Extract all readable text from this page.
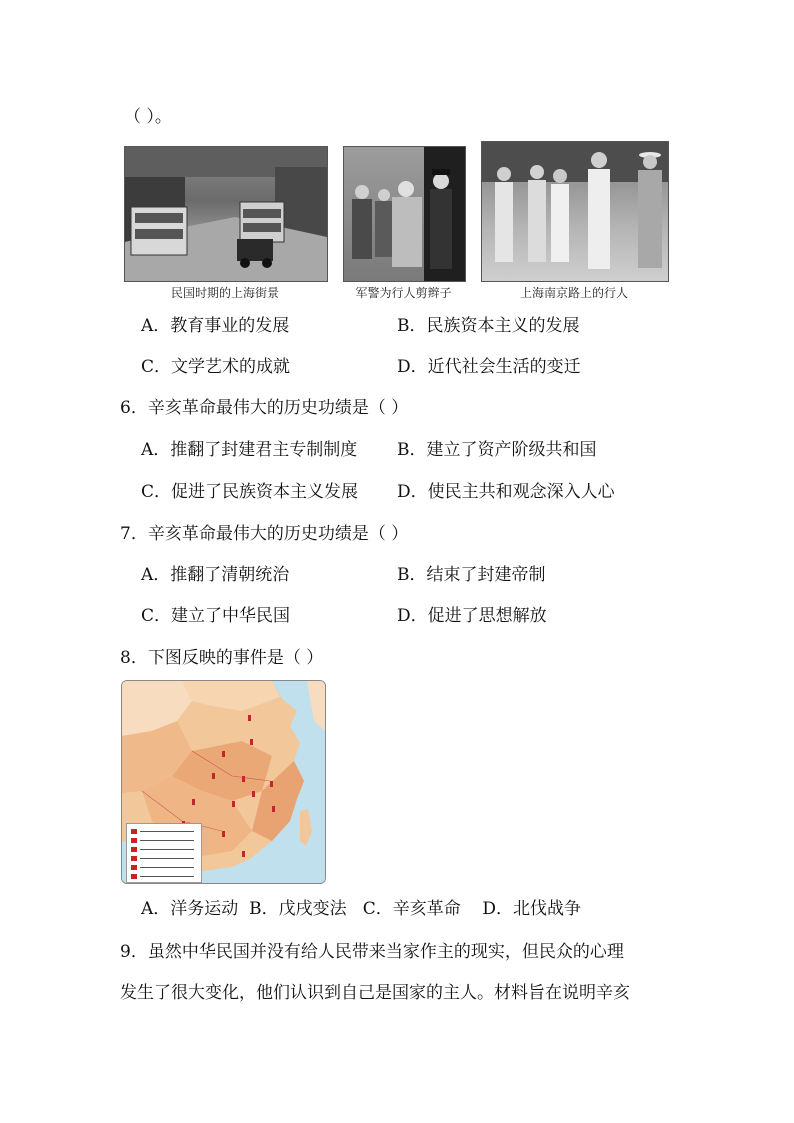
（ ）。
民国时期的上海街景	军警为行人剪辫子	上海南京路上的行人
A．教育事业的发展	B．民族资本主义的发展
C．文学艺术的成就	D．近代社会生活的变迁
6．辛亥革命最伟大的历史功绩是（ ）
A．推翻了封建君主专制制度 B．建立了资产阶级共和国
C．促进了民族资本主义发展 D．使民主共和观念深入人心
7．辛亥革命最伟大的历史功绩是（ ）
A．推翻了清朝统治	B．结束了封建帝制
C．建立了中华民国	D．促进了思想解放
8．下图反映的事件是（ ）
A．洋务运动  B．戊戌变法   C．辛亥革命    D．北伐战争
9．虽然中华民国并没有给人民带来当家作主的现实，但民众的心理
发生了很大变化，他们认识到自己是国家的主人。材料旨在说明辛亥
